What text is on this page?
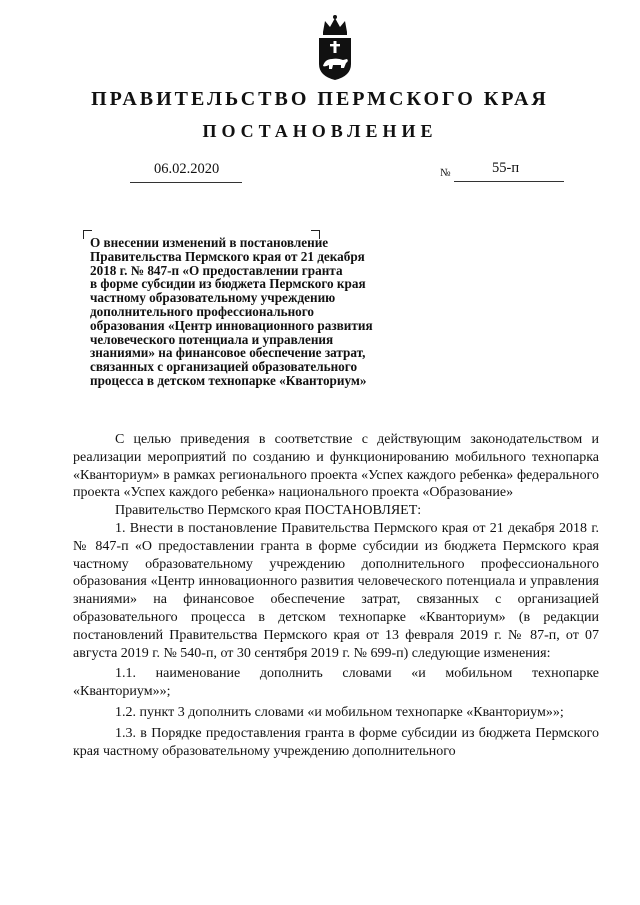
ПРАВИТЕЛЬСТВО ПЕРМСКОГО КРАЯ
ПОСТАНОВЛЕНИЕ
06.02.2020	№	55-п
О внесении изменений в постановление
Правительства Пермского края от 21 декабря
2018 г. № 847-п «О предоставлении гранта
в форме субсидии из бюджета Пермского края
частному образовательному учреждению
дополнительного профессионального
образования «Центр инновационного развития
человеческого потенциала и управления
знаниями» на финансовое обеспечение затрат,
связанных с организацией образовательного
процесса в детском технопарке «Кванториум»

С целью приведения в соответствие с действующим законодательством и реализации мероприятий по созданию и функционированию мобильного технопарка «Кванториум» в рамках регионального проекта «Успех каждого ребенка» федерального проекта «Успех каждого ребенка» национального проекта «Образование»

Правительство Пермского края ПОСТАНОВЛЯЕТ:

1. Внести в постановление Правительства Пермского края от 21 декабря 2018 г. № 847-п «О предоставлении гранта в форме субсидии из бюджета Пермского края частному образовательному учреждению дополнительного профессионального образования «Центр инновационного развития человеческого потенциала и управления знаниями» на финансовое обеспечение затрат, связанных с организацией образовательного процесса в детском технопарке «Кванториум» (в редакции постановлений Правительства Пермского края от 13 февраля 2019 г. № 87-п, от 07 августа 2019 г. № 540-п, от 30 сентября 2019 г. № 699-п) следующие изменения:

1.1. наименование дополнить словами «и мобильном технопарке «Кванториум»»;

1.2. пункт 3 дополнить словами «и мобильном технопарке «Кванториум»»;

1.3. в Порядке предоставления гранта в форме субсидии из бюджета Пермского края частному образовательному учреждению дополнительного
